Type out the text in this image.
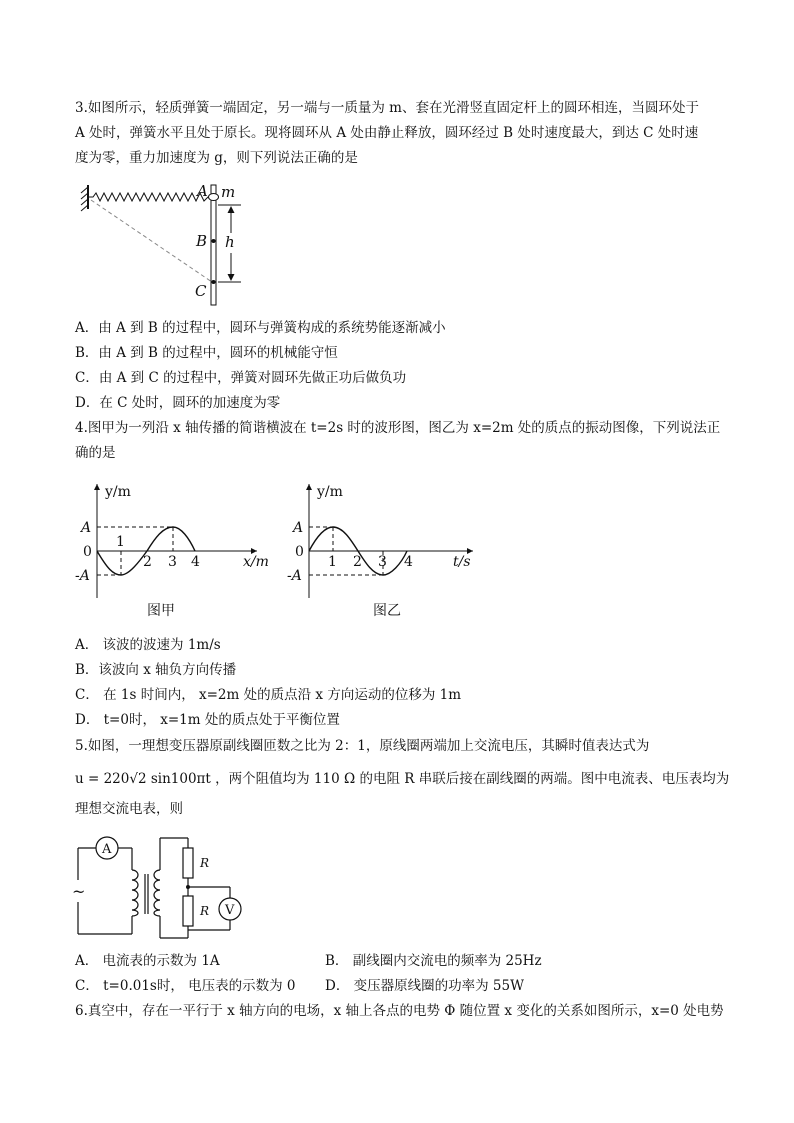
3.如图所示，轻质弹簧一端固定，另一端与一质量为 m、套在光滑竖直固定杆上的圆环相连，当圆环处于
A 处时，弹簧水平且处于原长。现将圆环从 A 处由静止释放，圆环经过 B 处时速度最大，到达 C 处时速
度为零，重力加速度为 g，则下列说法正确的是
A m
B h
C
A．由 A 到 B 的过程中，圆环与弹簧构成的系统势能逐渐减小
B．由 A 到 B 的过程中，圆环的机械能守恒
C．由 A 到 C 的过程中，弹簧对圆环先做正功后做负功
D．在 C 处时，圆环的加速度为零
4.图甲为一列沿 x 轴传播的简谐横波在 t=2s 时的波形图，图乙为 x=2m 处的质点的振动图像，下列说法正
确的是
y/m
x/m
A
0
-A
1
2 3 4
图甲
y/m
t/s
A
0
-A
1 2 3 4
图乙
A． 该波的波速为 1m/s
B．该波向 x 轴负方向传播
C． 在 1s 时间内， x=2m 处的质点沿 x 方向运动的位移为 1m
D． t=0时， x=1m 处的质点处于平衡位置
5.如图，一理想变压器原副线圈匝数之比为 2：1，原线圈两端加上交流电压，其瞬时值表达式为
u = 220√2 sin100πt ，两个阻值均为 110 Ω 的电阻 R 串联后接在副线圈的两端。图中电流表、电压表均为
理想交流电表，则
A
~
R
R V
A． 电流表的示数为 1A	B． 副线圈内交流电的频率为 25Hz
C． t=0.01s时， 电压表的示数为 0 D． 变压器原线圈的功率为 55W
6.真空中，存在一平行于 x 轴方向的电场，x 轴上各点的电势 Φ 随位置 x 变化的关系如图所示，x=0 处电势
